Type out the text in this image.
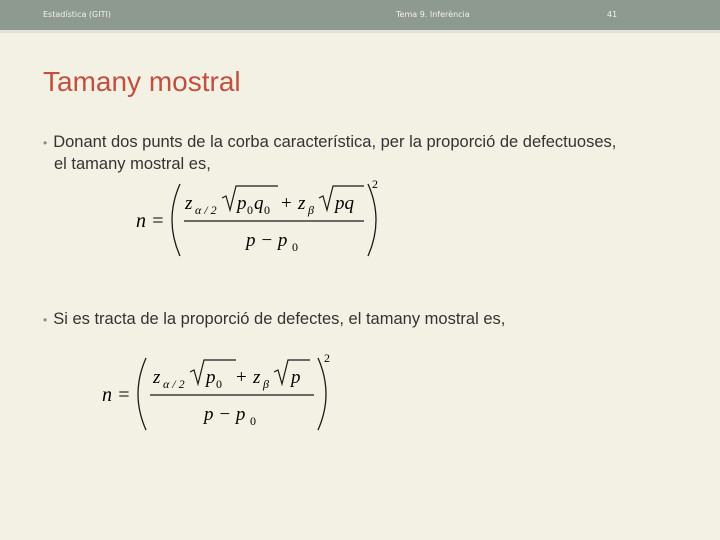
Estadística (GITI)	Tema 9. Inferència	41
Tamany mostral
• Donant dos punts de la corba característica, per la proporció de defectuoses,
el tamany mostral es,
n =
z α / 2 p 0 q 0 + z β pq
p − p 0
2
• Si es tracta de la proporció de defectes, el tamany mostral es,
n =
z α / 2 p 0 + z β p
p − p 0
2
